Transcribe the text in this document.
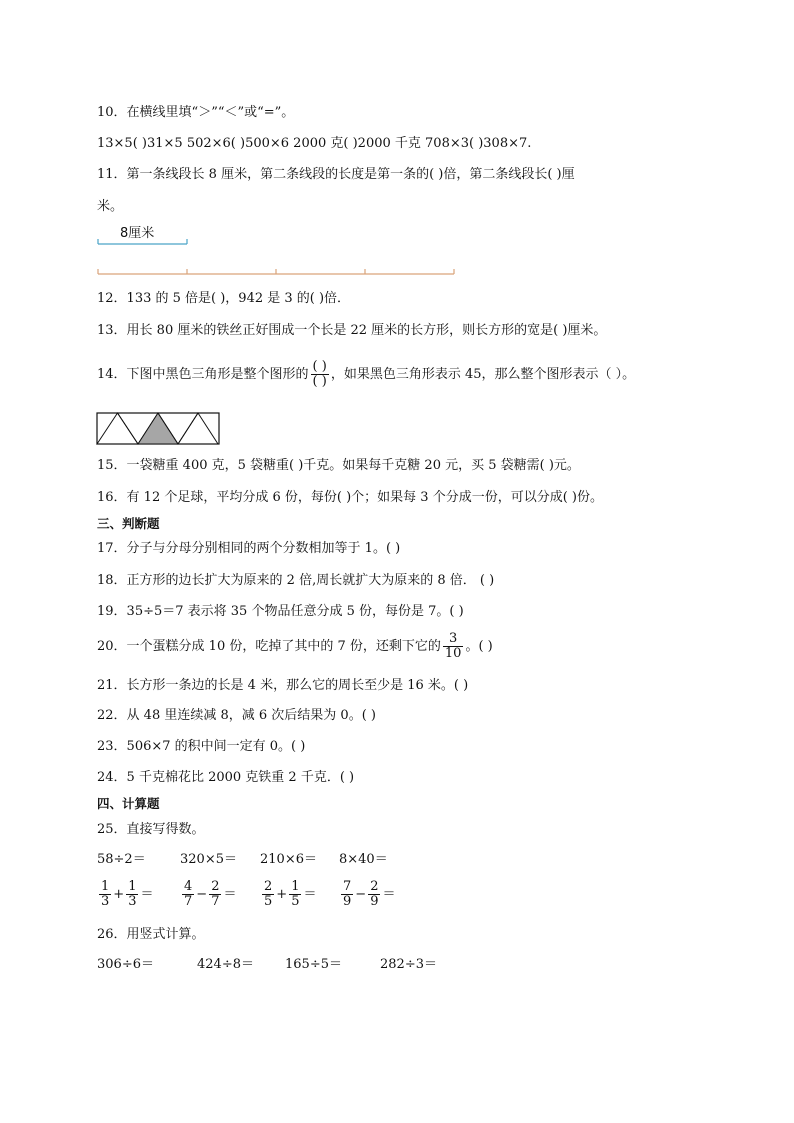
10．在横线里填“＞”“＜”或“=”。
13×5( )31×5 502×6( )500×6 2000 克( )2000 千克 708×3( )308×7.
11．第一条线段长 8 厘米，第二条线段的长度是第一条的( )倍，第二条线段长( )厘
米。
8厘米
12．133 的 5 倍是( )，942 是 3 的( )倍．
13．用长 80 厘米的铁丝正好围成一个长是 22 厘米的长方形，则长方形的宽是( )厘米。
14．下图中黑色三角形是整个图形的 $\frac{( )}{( )}$ ，如果黑色三角形表示 45，那么整个图形表示（ ）。
15．一袋糖重 400 克，5 袋糖重( )千克。如果每千克糖 20 元，买 5 袋糖需( )元。
16．有 12 个足球，平均分成 6 份，每份( )个；如果每 3 个分成一份，可以分成( )份。
三、判断题
17．分子与分母分别相同的两个分数相加等于 1。( )
18．正方形的边长扩大为原来的 2 倍,周长就扩大为原来的 8 倍． ( )
19．35÷5＝7 表示将 35 个物品任意分成 5 份，每份是 7。( )
20．一个蛋糕分成 10 份，吃掉了其中的 7 份，还剩下它的 $\frac{3}{10}$ 。( )
21．长方形一条边的长是 4 米，那么它的周长至少是 16 米。( )
22．从 48 里连续减 8，减 6 次后结果为 0。( )
23．506×7 的积中间一定有 0。( )
24．5 千克棉花比 2000 克铁重 2 千克．( )
四、计算题
25．直接写得数。
58÷2＝	320×5＝ 210×6＝ 8×40＝
$\frac{1}{3} + \frac{1}{3} = \frac{4}{7} - \frac{2}{7} = \frac{2}{5} + \frac{1}{5} = \frac{7}{9} - \frac{2}{9}$ ＝
26．用竖式计算。
306÷6＝	424÷8＝ 165÷5＝	282÷3＝
